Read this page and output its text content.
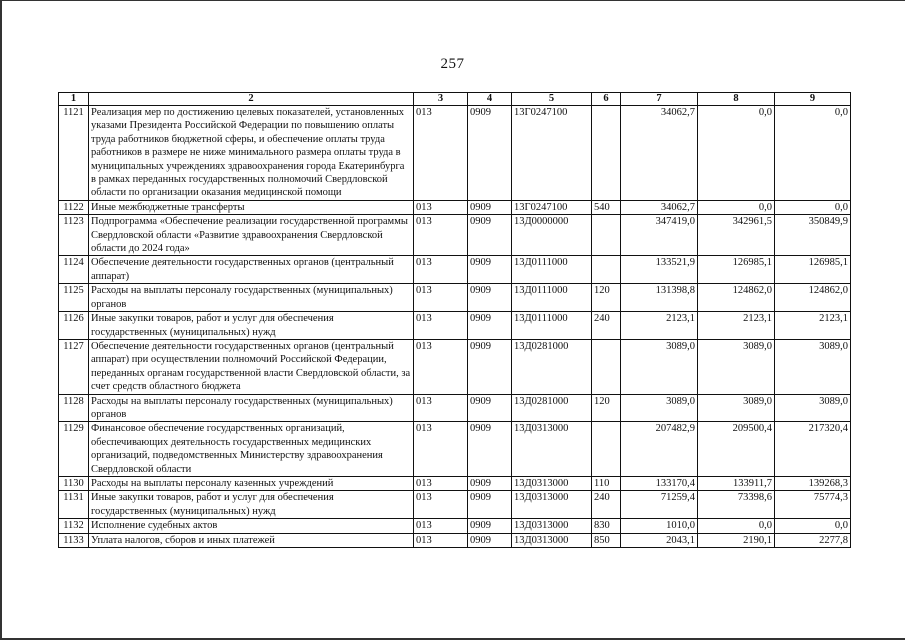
257
1	2	3	4	5	6	7	8	9
1121	Реализация мер по достижению целевых показателей, установленных указами Президента Российской Федерации по повышению оплаты труда работников бюджетной сферы, и обеспечение оплаты труда работников в размере не ниже минимального размера оплаты труда в муниципальных учреждениях здравоохранения города Екатеринбурга в рамках переданных государственных полномочий Свердловской области по организации оказания медицинской помощи	013	0909	13Г0247100		34062,7	0,0	0,0
1122	Иные межбюджетные трансферты	013	0909	13Г0247100	540	34062,7	0,0	0,0
1123	Подпрограмма «Обеспечение реализации государственной программы Свердловской области «Развитие здравоохранения Свердловской области до 2024 года»	013	0909	13Д0000000		347419,0	342961,5	350849,9
1124	Обеспечение деятельности государственных органов (центральный аппарат)	013	0909	13Д0111000		133521,9	126985,1	126985,1
1125	Расходы на выплаты персоналу государственных (муниципальных) органов	013	0909	13Д0111000	120	131398,8	124862,0	124862,0
1126	Иные закупки товаров, работ и услуг для обеспечения государственных (муниципальных) нужд	013	0909	13Д0111000	240	2123,1	2123,1	2123,1
1127	Обеспечение деятельности государственных органов (центральный аппарат) при осуществлении полномочий Российской Федерации, переданных органам государственной власти Свердловской области, за счет средств областного бюджета	013	0909	13Д0281000		3089,0	3089,0	3089,0
1128	Расходы на выплаты персоналу государственных (муниципальных) органов	013	0909	13Д0281000	120	3089,0	3089,0	3089,0
1129	Финансовое обеспечение государственных организаций, обеспечивающих деятельность государственных медицинских организаций, подведомственных Министерству здравоохранения Свердловской области	013	0909	13Д0313000		207482,9	209500,4	217320,4
1130	Расходы на выплаты персоналу казенных учреждений	013	0909	13Д0313000	110	133170,4	133911,7	139268,3
1131	Иные закупки товаров, работ и услуг для обеспечения государственных (муниципальных) нужд	013	0909	13Д0313000	240	71259,4	73398,6	75774,3
1132	Исполнение судебных актов	013	0909	13Д0313000	830	1010,0	0,0	0,0
1133	Уплата налогов, сборов и иных платежей	013	0909	13Д0313000	850	2043,1	2190,1	2277,8
